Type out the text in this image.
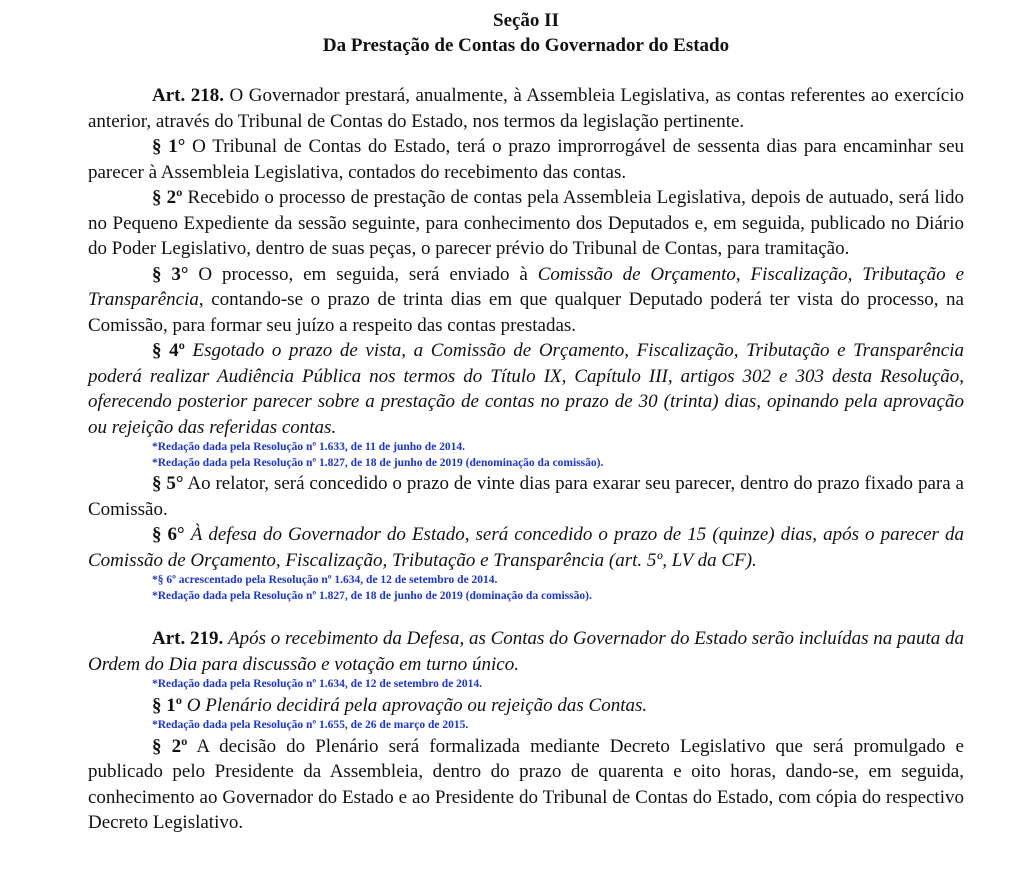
Seção II

Da Prestação de Contas do Governador do Estado

Art. 218. O Governador prestará, anualmente, à Assembleia Legislativa, as contas referentes ao exercício anterior, através do Tribunal de Contas do Estado, nos termos da legislação pertinente.

§ 1° O Tribunal de Contas do Estado, terá o prazo improrrogável de sessenta dias para encaminhar seu parecer à Assembleia Legislativa, contados do recebimento das contas.

§ 2º Recebido o processo de prestação de contas pela Assembleia Legislativa, depois de autuado, será lido no Pequeno Expediente da sessão seguinte, para conhecimento dos Deputados e, em seguida, publicado no Diário do Poder Legislativo, dentro de suas peças, o parecer prévio do Tribunal de Contas, para tramitação.

§ 3° O processo, em seguida, será enviado à Comissão de Orçamento, Fiscalização, Tributação e Transparência, contando-se o prazo de trinta dias em que qualquer Deputado poderá ter vista do processo, na Comissão, para formar seu juízo a respeito das contas prestadas.

§ 4º Esgotado o prazo de vista, a Comissão de Orçamento, Fiscalização, Tributação e Transparência poderá realizar Audiência Pública nos termos do Título IX, Capítulo III, artigos 302 e 303 desta Resolução, oferecendo posterior parecer sobre a prestação de contas no prazo de 30 (trinta) dias, opinando pela aprovação ou rejeição das referidas contas.

*Redação dada pela Resolução nº 1.633, de 11 de junho de 2014.

*Redação dada pela Resolução nº 1.827, de 18 de junho de 2019 (denominação da comissão).

§ 5° Ao relator, será concedido o prazo de vinte dias para exarar seu parecer, dentro do prazo fixado para a Comissão.

§ 6° À defesa do Governador do Estado, será concedido o prazo de 15 (quinze) dias, após o parecer da Comissão de Orçamento, Fiscalização, Tributação e Transparência (art. 5º, LV da CF).

*§ 6º acrescentado pela Resolução nº 1.634, de 12 de setembro de 2014.

*Redação dada pela Resolução nº 1.827, de 18 de junho de 2019 (dominação da comissão).

Art. 219. Após o recebimento da Defesa, as Contas do Governador do Estado serão incluídas na pauta da Ordem do Dia para discussão e votação em turno único.

*Redação dada pela Resolução nº 1.634, de 12 de setembro de 2014.

§ 1º O Plenário decidirá pela aprovação ou rejeição das Contas.

*Redação dada pela Resolução nº 1.655, de 26 de março de 2015.

§ 2º A decisão do Plenário será formalizada mediante Decreto Legislativo que será promulgado e publicado pelo Presidente da Assembleia, dentro do prazo de quarenta e oito horas, dando-se, em seguida, conhecimento ao Governador do Estado e ao Presidente do Tribunal de Contas do Estado, com cópia do respectivo Decreto Legislativo.
